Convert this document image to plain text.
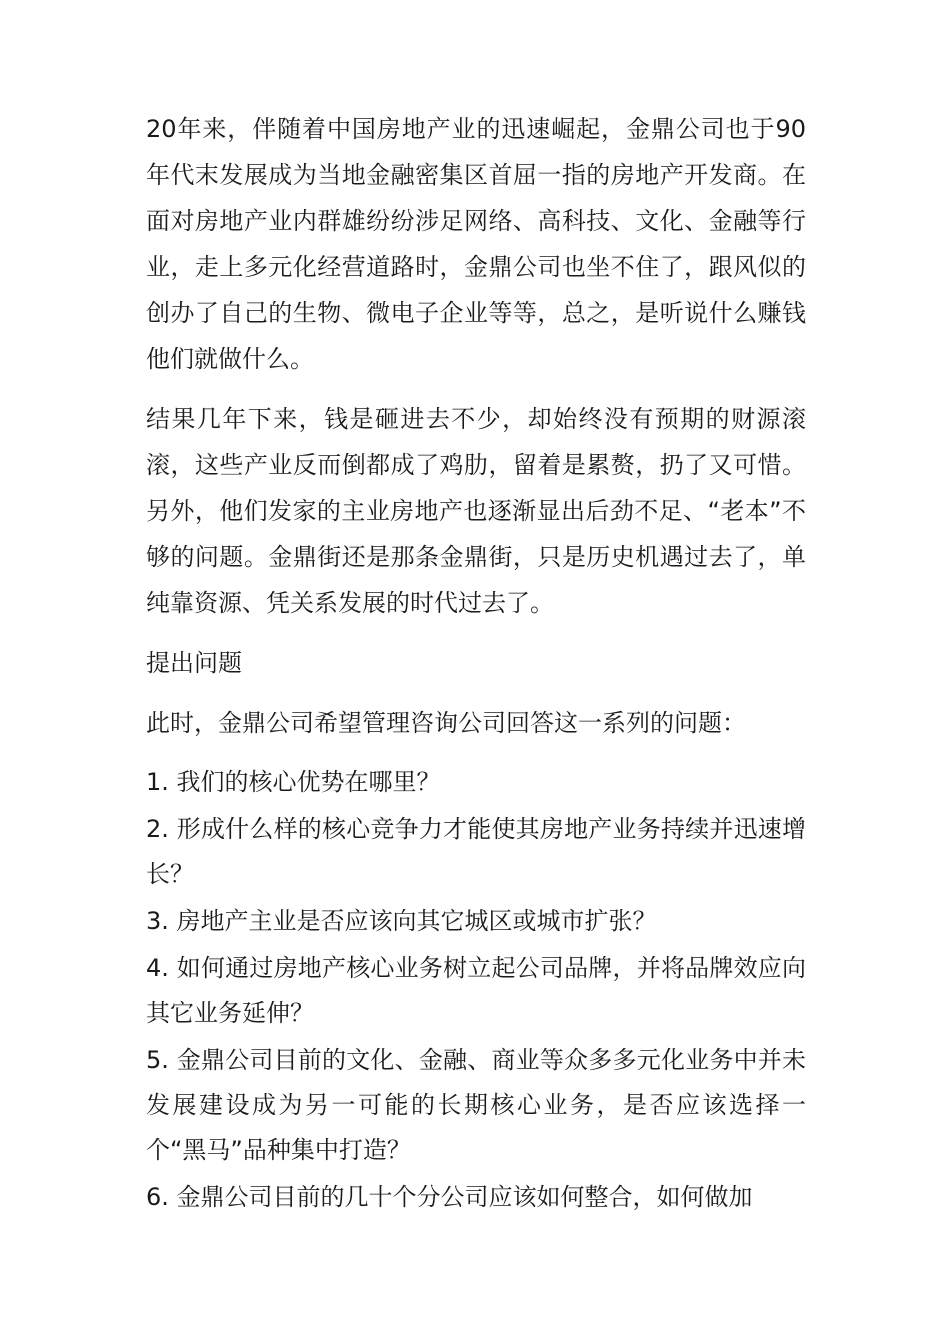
20年来，伴随着中国房地产业的迅速崛起，金鼎公司也于90年代末发展成为当地金融密集区首屈一指的房地产开发商。在面对房地产业内群雄纷纷涉足网络、高科技、文化、金融等行业，走上多元化经营道路时，金鼎公司也坐不住了，跟风似的创办了自己的生物、微电子企业等等，总之，是听说什么赚钱他们就做什么。

结果几年下来，钱是砸进去不少，却始终没有预期的财源滚滚，这些产业反而倒都成了鸡肋，留着是累赘，扔了又可惜。另外，他们发家的主业房地产也逐渐显出后劲不足、“老本”不够的问题。金鼎街还是那条金鼎街，只是历史机遇过去了，单纯靠资源、凭关系发展的时代过去了。

提出问题

此时，金鼎公司希望管理咨询公司回答这一系列的问题：

1. 我们的核心优势在哪里？
2. 形成什么样的核心竞争力才能使其房地产业务持续并迅速增长？
3. 房地产主业是否应该向其它城区或城市扩张？
4. 如何通过房地产核心业务树立起公司品牌，并将品牌效应向其它业务延伸？
5. 金鼎公司目前的文化、金融、商业等众多多元化业务中并未发展建设成为另一可能的长期核心业务，是否应该选择一个“黑马”品种集中打造？
6. 金鼎公司目前的几十个分公司应该如何整合，如何做加
